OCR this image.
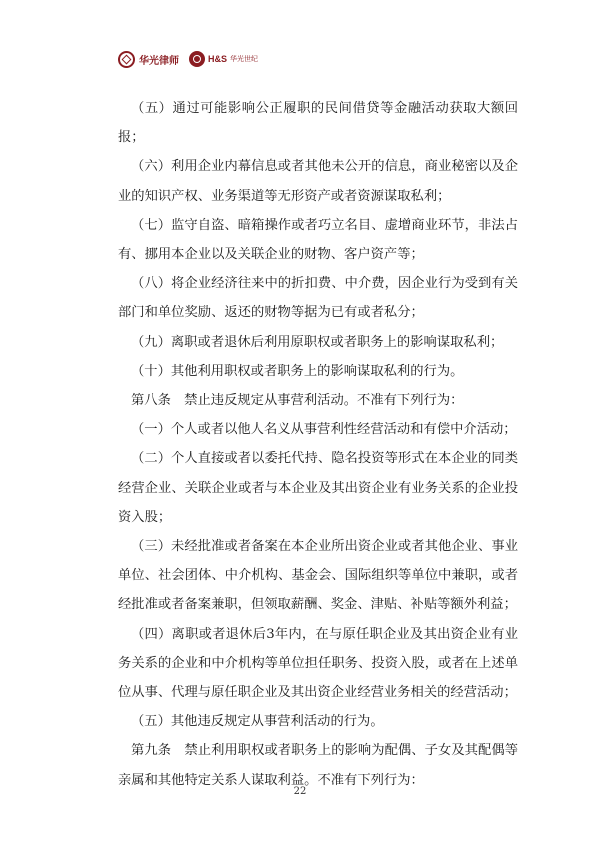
华光律师	H&S 华光世纪

（五）通过可能影响公正履职的民间借贷等金融活动获取大额回报；

（六）利用企业内幕信息或者其他未公开的信息，商业秘密以及企业的知识产权、业务渠道等无形资产或者资源谋取私利；

（七）监守自盗、暗箱操作或者巧立名目、虚增商业环节，非法占有、挪用本企业以及关联企业的财物、客户资产等；

（八）将企业经济往来中的折扣费、中介费，因企业行为受到有关部门和单位奖励、返还的财物等据为已有或者私分；

（九）离职或者退休后利用原职权或者职务上的影响谋取私利；

（十）其他利用职权或者职务上的影响谋取私利的行为。

第八条　禁止违反规定从事营利活动。不准有下列行为：

（一）个人或者以他人名义从事营利性经营活动和有偿中介活动；

（二）个人直接或者以委托代持、隐名投资等形式在本企业的同类经营企业、关联企业或者与本企业及其出资企业有业务关系的企业投资入股；

（三）未经批准或者备案在本企业所出资企业或者其他企业、事业单位、社会团体、中介机构、基金会、国际组织等单位中兼职，或者经批准或者备案兼职，但领取薪酬、奖金、津贴、补贴等额外利益；

（四）离职或者退休后3年内，在与原任职企业及其出资企业有业务关系的企业和中介机构等单位担任职务、投资入股，或者在上述单位从事、代理与原任职企业及其出资企业经营业务相关的经营活动；

（五）其他违反规定从事营利活动的行为。

第九条　禁止利用职权或者职务上的影响为配偶、子女及其配偶等亲属和其他特定关系人谋取利益。不准有下列行为：

22
